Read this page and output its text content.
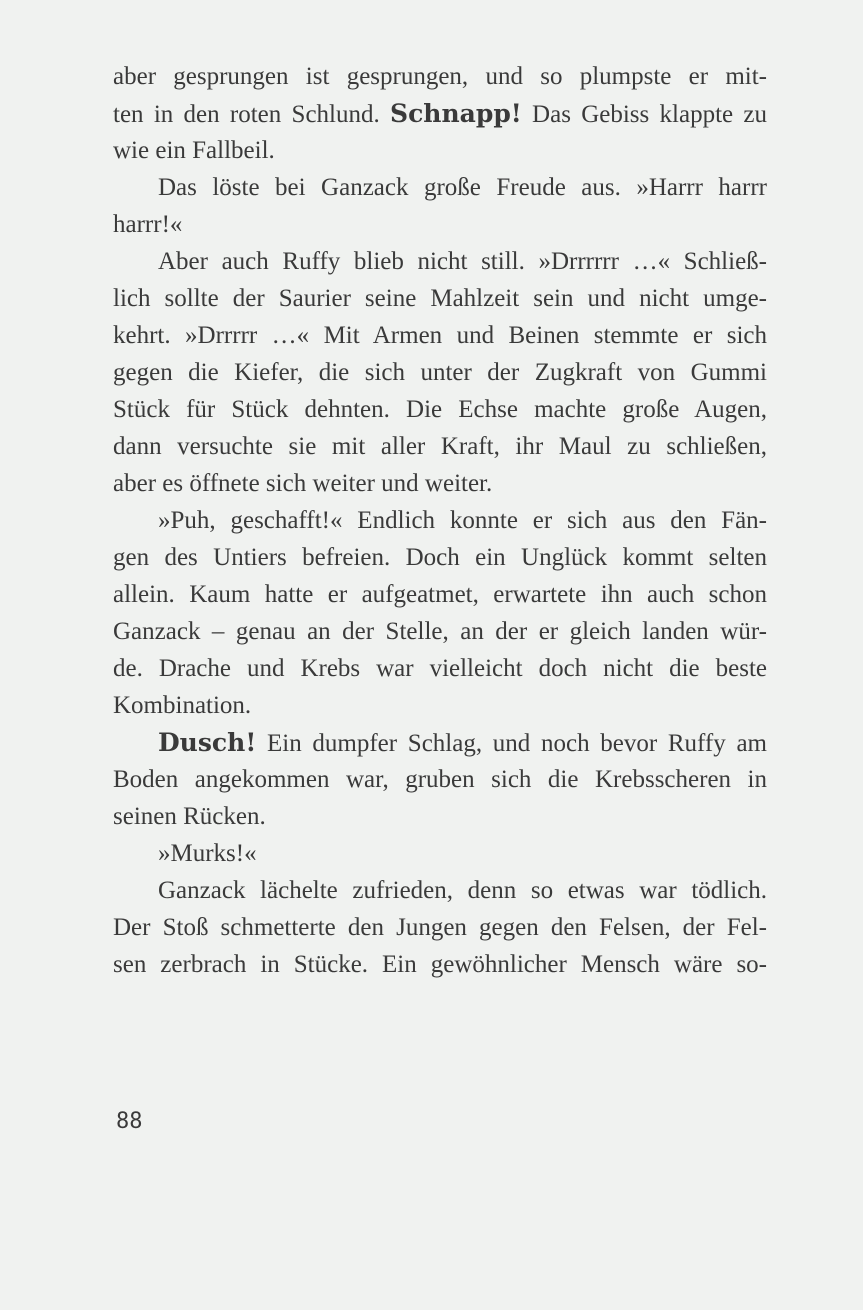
aber gesprungen ist gesprungen, und so plumpste er mit-
ten in den roten Schlund. Schnapp! Das Gebiss klappte zu
wie ein Fallbeil.
Das löste bei Ganzack große Freude aus. »Harrr harrr
harrr!«
Aber auch Ruffy blieb nicht still. »Drrrrrr …« Schließ-
lich sollte der Saurier seine Mahlzeit sein und nicht umge-
kehrt. »Drrrrr …« Mit Armen und Beinen stemmte er sich
gegen die Kiefer, die sich unter der Zugkraft von Gummi
Stück für Stück dehnten. Die Echse machte große Augen,
dann versuchte sie mit aller Kraft, ihr Maul zu schließen,
aber es öffnete sich weiter und weiter.
»Puh, geschafft!« Endlich konnte er sich aus den Fän-
gen des Untiers befreien. Doch ein Unglück kommt selten
allein. Kaum hatte er aufgeatmet, erwartete ihn auch schon
Ganzack – genau an der Stelle, an der er gleich landen wür-
de. Drache und Krebs war vielleicht doch nicht die beste
Kombination.
Dusch! Ein dumpfer Schlag, und noch bevor Ruffy am
Boden angekommen war, gruben sich die Krebsscheren in
seinen Rücken.
»Murks!«
Ganzack lächelte zufrieden, denn so etwas war tödlich.
Der Stoß schmetterte den Jungen gegen den Felsen, der Fel-
sen zerbrach in Stücke. Ein gewöhnlicher Mensch wäre so-
88
